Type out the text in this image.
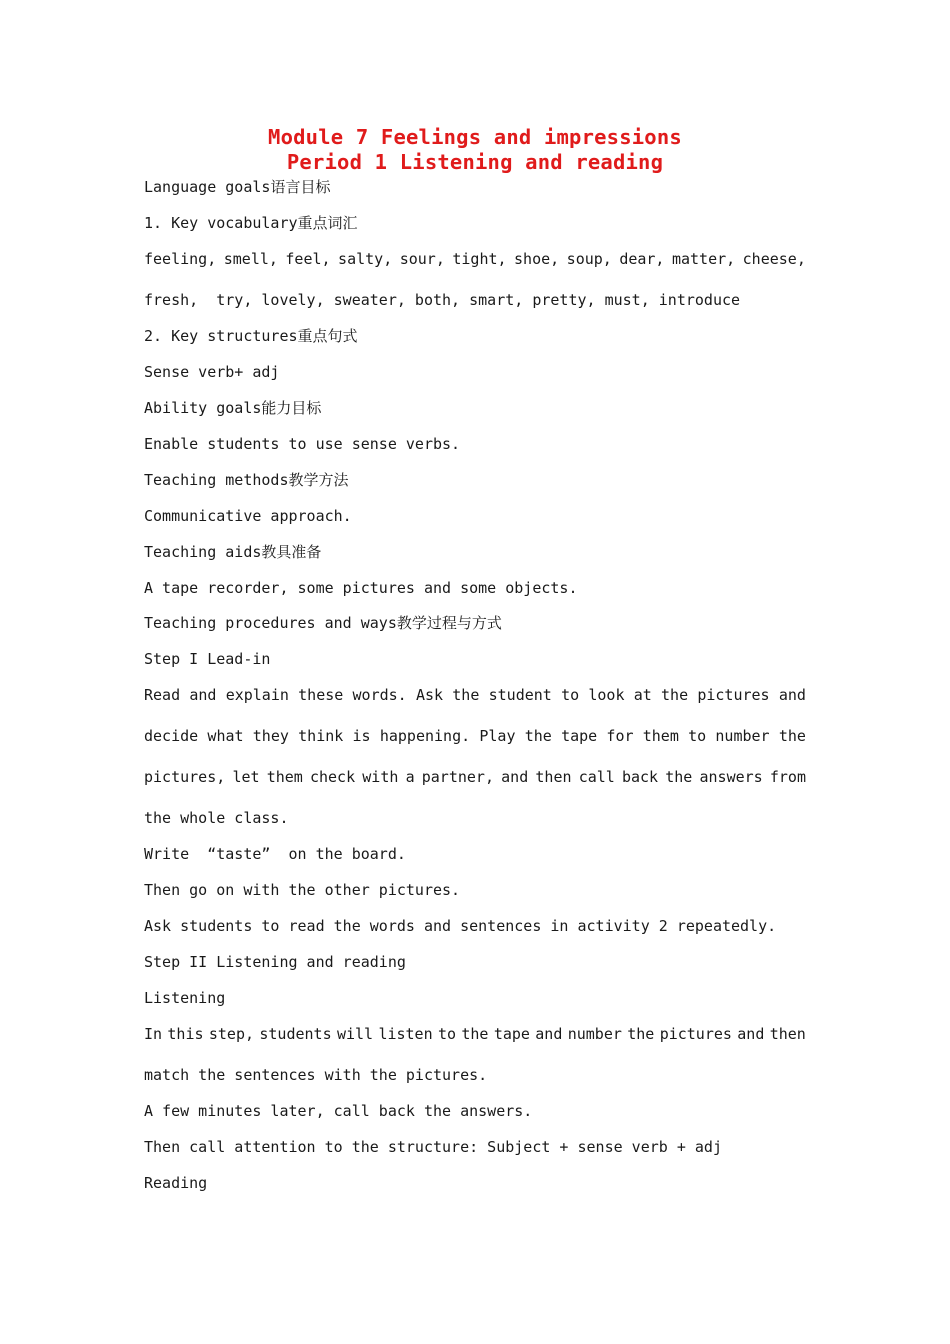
Module 7 Feelings and impressions
Period 1 Listening and reading
Language goals语言目标
1. Key vocabulary重点词汇
feeling, smell, feel, salty, sour, tight, shoe, soup, dear, matter, cheese,
fresh,  try, lovely, sweater, both, smart, pretty, must, introduce
2. Key structures重点句式
Sense verb+ adj
Ability goals能力目标
Enable students to use sense verbs.
Teaching methods教学方法
Communicative approach.
Teaching aids教具准备
A tape recorder, some pictures and some objects.
Teaching procedures and ways教学过程与方式
Step I Lead-in
Read and explain these words. Ask the student to look at the pictures and
decide what they think is happening. Play the tape for them to number the
pictures, let them check with a partner, and then call back the answers from
the whole class.
Write  “taste”  on the board.
Then go on with the other pictures.
Ask students to read the words and sentences in activity 2 repeatedly.
Step II Listening and reading
Listening
In this step, students will listen to the tape and number the pictures and then
match the sentences with the pictures.
A few minutes later, call back the answers.
Then call attention to the structure: Subject + sense verb + adj
Reading
